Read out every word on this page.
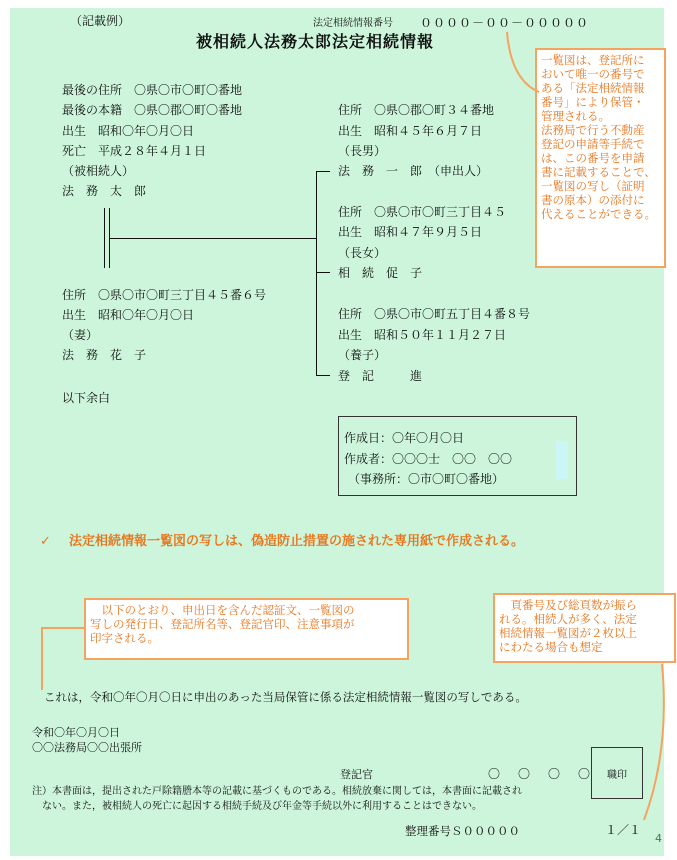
（記載例）	法定相続情報番号 ００００－００－０００００
被相続人法務太郎法定相続情報
最後の住所　〇県〇市〇町〇番地
最後の本籍　〇県〇郡〇町〇番地
出生　昭和〇年〇月〇日
死亡　平成２８年４月１日
（被相続人）
法　務　太　郎
住所　〇県〇市〇町三丁目４５番６号
出生　昭和〇年〇月〇日
（妻）
法　務　花　子
以下余白
住所　〇県〇郡〇町３４番地
出生　昭和４５年６月７日
（長男）
法　務　一　郎　（申出人）
住所　〇県〇市〇町三丁目４５
出生　昭和４７年９月５日
（長女）
相　続　促　子
住所　〇県〇市〇町五丁目４番８号
出生　昭和５０年１１月２７日
（養子）
登　記　　　進
作成日：〇年〇月〇日
作成者：〇〇〇士　〇〇　〇〇
（事務所：〇市〇町〇番地）
一覧図は、登記所に
おいて唯一の番号で
ある「法定相続情報
番号」により保管・
管理される。
法務局で行う不動産
登記の申請等手続で
は、この番号を申請
書に記載することで、
一覧図の写し（証明
書の原本）の添付に
代えることができる。
✓ 法定相続情報一覧図の写しは、偽造防止措置の施された専用紙で作成される。
　以下のとおり、申出日を含んだ認証文、一覧図の
写しの発行日、登記所名等、登記官印、注意事項が
印字される。
　頁番号及び総頁数が振ら
れる。相続人が多く、法定
相続情報一覧図が２枚以上
にわたる場合も想定
これは，令和〇年〇月〇日に申出のあった当局保管に係る法定相続情報一覧図の写しである。
令和〇年〇月〇日
〇〇法務局〇〇出張所
登記官	〇　〇　〇　〇 職印
注）本書面は，提出された戸除籍謄本等の記載に基づくものである。相続放棄に関しては，本書面に記載され
　ない。また，被相続人の死亡に起因する相続手続及び年金等手続以外に利用することはできない。
整理番号Ｓ０００００	１／１
4
